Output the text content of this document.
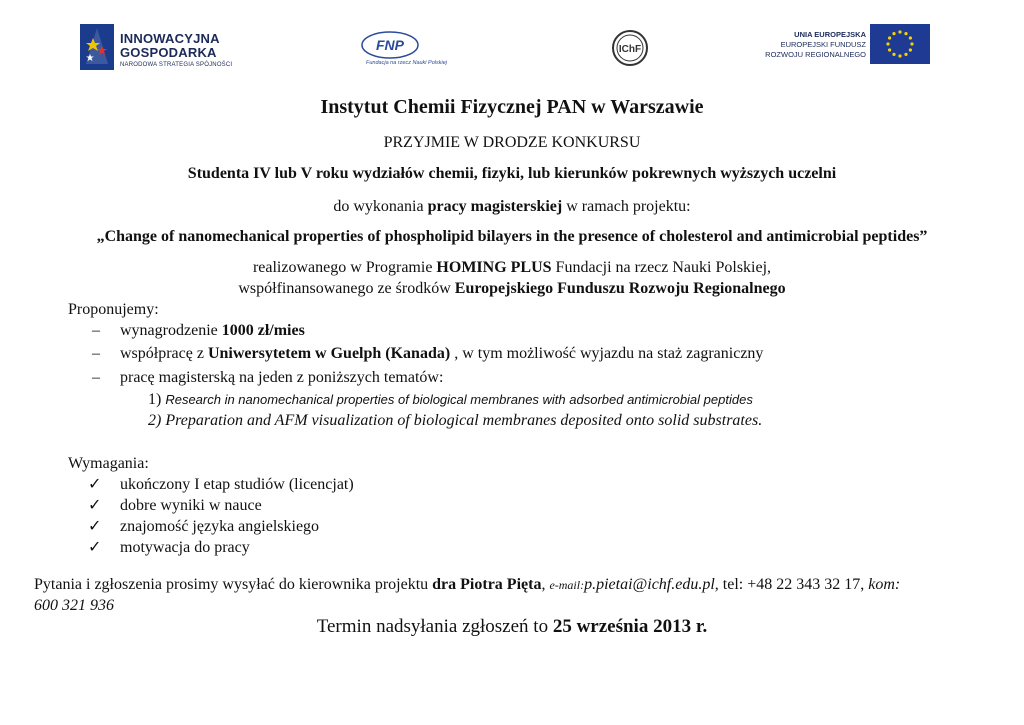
INNOWACYJNA
GOSPODARKA
NARODOWA STRATEGIA SPÓJNOŚCI
FNP
Fundacja na rzecz Nauki Polskiej
IChF
UNIA EUROPEJSKA
EUROPEJSKI FUNDUSZ
ROZWOJU REGIONALNEGO
Instytut Chemii Fizycznej PAN w Warszawie
PRZYJMIE W DRODZE KONKURSU
Studenta IV lub V roku wydziałów chemii, fizyki, lub kierunków pokrewnych wyższych uczelni
do wykonania pracy magisterskiej w ramach projektu:
„Change of nanomechanical properties of phospholipid bilayers in the presence of cholesterol and antimicrobial peptides”
realizowanego w Programie HOMING PLUS Fundacji na rzecz Nauki Polskiej,
współfinansowanego ze środków Europejskiego Funduszu Rozwoju Regionalnego
Proponujemy:
– wynagrodzenie 1000 zł/mies
– współpracę z Uniwersytetem w Guelph (Kanada) , w tym możliwość wyjazdu na staż zagraniczny
– pracę magisterską na jeden z poniższych tematów:
1) Research in nanomechanical properties of biological membranes with adsorbed antimicrobial peptides
2) Preparation and AFM visualization of biological membranes deposited onto solid substrates.
Wymagania:
✓ ukończony I etap studiów (licencjat)
✓ dobre wyniki w nauce
✓ znajomość języka angielskiego
✓ motywacja do pracy
Pytania i zgłoszenia prosimy wysyłać do kierownika projektu dra Piotra Pięta, e-mail:p.pietai@ichf.edu.pl, tel: +48 22 343 32 17, kom:
600 321 936
Termin nadsyłania zgłoszeń to 25 września 2013 r.
